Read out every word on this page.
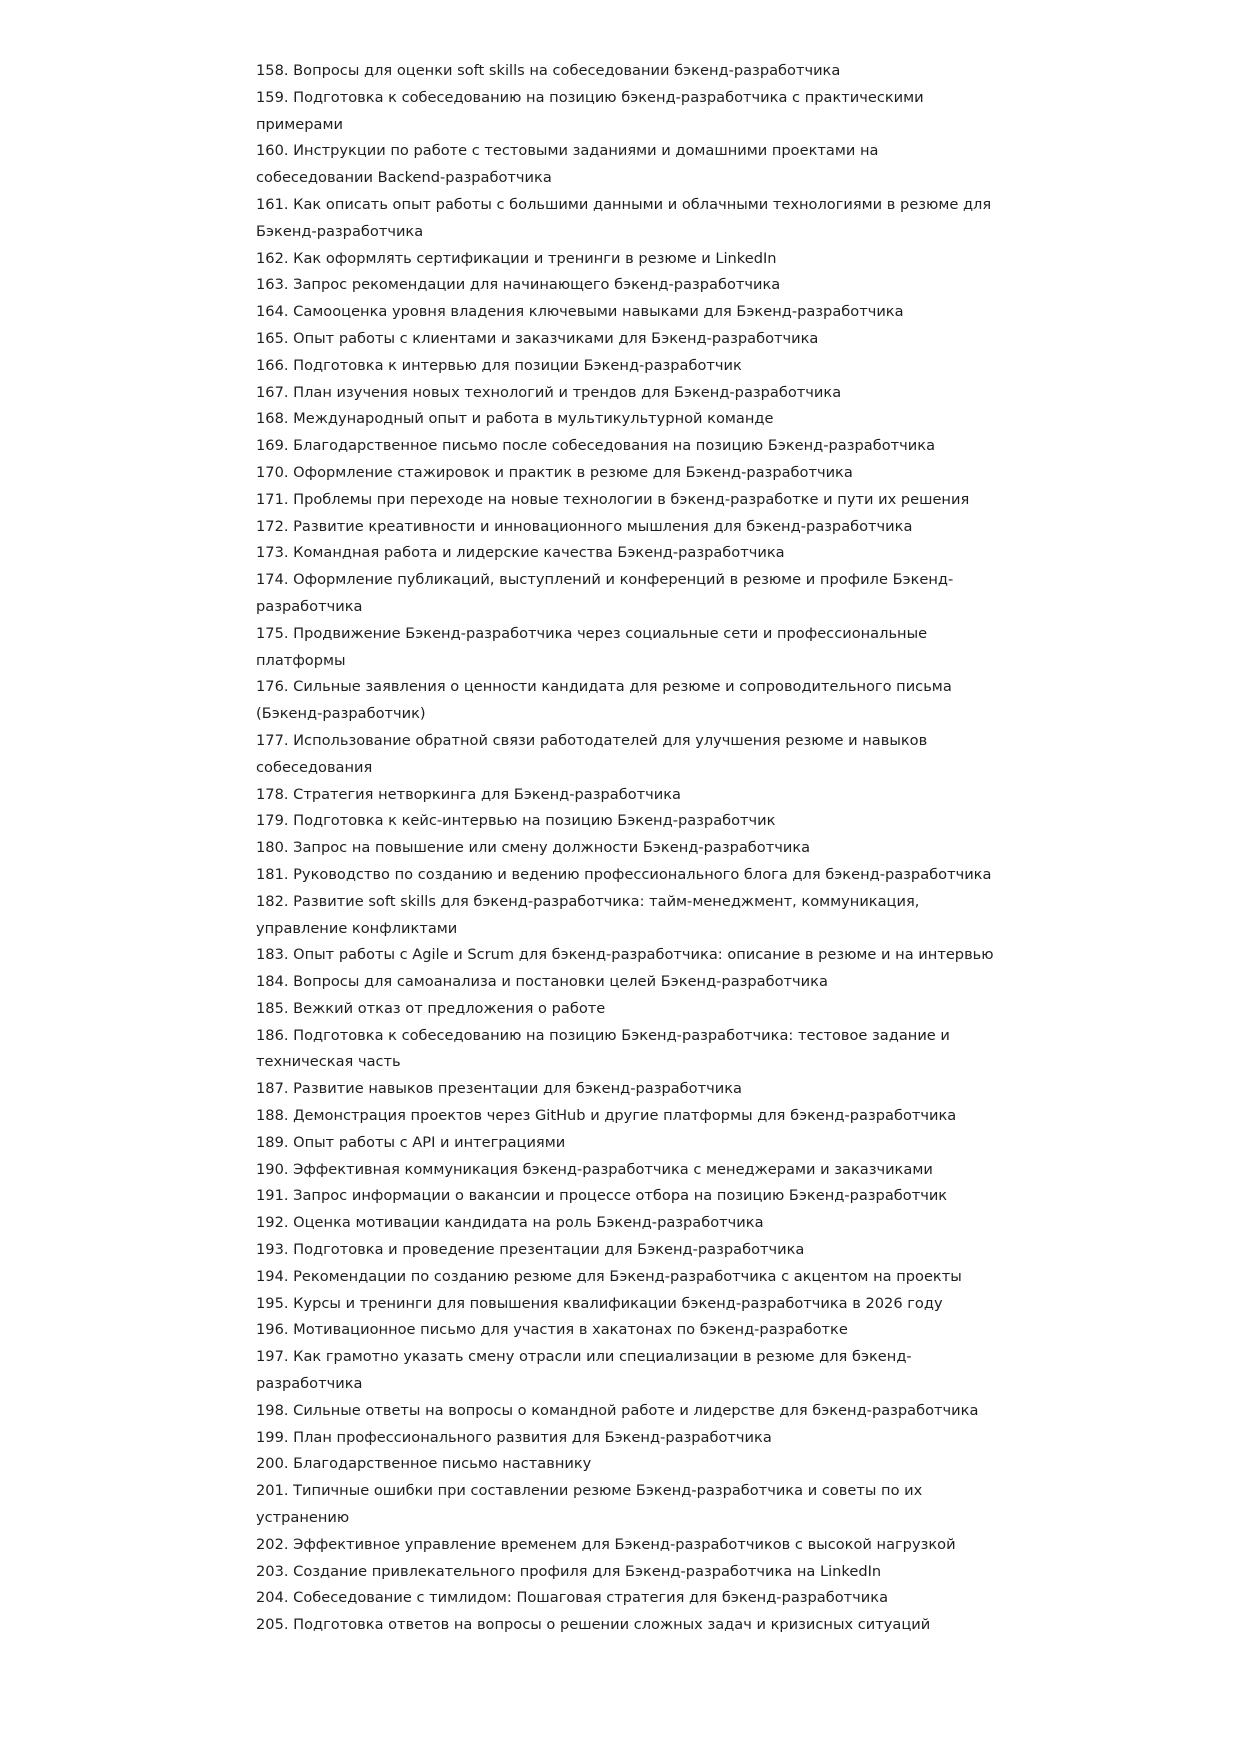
158. Вопросы для оценки soft skills на собеседовании бэкенд-разработчика
159. Подготовка к собеседованию на позицию бэкенд-разработчика с практическими примерами
160. Инструкции по работе с тестовыми заданиями и домашними проектами на собеседовании Backend-разработчика
161. Как описать опыт работы с большими данными и облачными технологиями в резюме для Бэкенд-разработчика
162. Как оформлять сертификации и тренинги в резюме и LinkedIn
163. Запрос рекомендации для начинающего бэкенд-разработчика
164. Самооценка уровня владения ключевыми навыками для Бэкенд-разработчика
165. Опыт работы с клиентами и заказчиками для Бэкенд-разработчика
166. Подготовка к интервью для позиции Бэкенд-разработчик
167. План изучения новых технологий и трендов для Бэкенд-разработчика
168. Международный опыт и работа в мультикультурной команде
169. Благодарственное письмо после собеседования на позицию Бэкенд-разработчика
170. Оформление стажировок и практик в резюме для Бэкенд-разработчика
171. Проблемы при переходе на новые технологии в бэкенд-разработке и пути их решения
172. Развитие креативности и инновационного мышления для бэкенд-разработчика
173. Командная работа и лидерские качества Бэкенд-разработчика
174. Оформление публикаций, выступлений и конференций в резюме и профиле Бэкенд-разработчика
175. Продвижение Бэкенд-разработчика через социальные сети и профессиональные платформы
176. Сильные заявления о ценности кандидата для резюме и сопроводительного письма (Бэкенд-разработчик)
177. Использование обратной связи работодателей для улучшения резюме и навыков собеседования
178. Стратегия нетворкинга для Бэкенд-разработчика
179. Подготовка к кейс-интервью на позицию Бэкенд-разработчик
180. Запрос на повышение или смену должности Бэкенд-разработчика
181. Руководство по созданию и ведению профессионального блога для бэкенд-разработчика
182. Развитие soft skills для бэкенд-разработчика: тайм-менеджмент, коммуникация, управление конфликтами
183. Опыт работы с Agile и Scrum для бэкенд-разработчика: описание в резюме и на интервью
184. Вопросы для самоанализа и постановки целей Бэкенд-разработчика
185. Вежкий отказ от предложения о работе
186. Подготовка к собеседованию на позицию Бэкенд-разработчика: тестовое задание и техническая часть
187. Развитие навыков презентации для бэкенд-разработчика
188. Демонстрация проектов через GitHub и другие платформы для бэкенд-разработчика
189. Опыт работы с API и интеграциями
190. Эффективная коммуникация бэкенд-разработчика с менеджерами и заказчиками
191. Запрос информации о вакансии и процессе отбора на позицию Бэкенд-разработчик
192. Оценка мотивации кандидата на роль Бэкенд-разработчика
193. Подготовка и проведение презентации для Бэкенд-разработчика
194. Рекомендации по созданию резюме для Бэкенд-разработчика с акцентом на проекты
195. Курсы и тренинги для повышения квалификации бэкенд-разработчика в 2026 году
196. Мотивационное письмо для участия в хакатонах по бэкенд-разработке
197. Как грамотно указать смену отрасли или специализации в резюме для бэкенд-разработчика
198. Сильные ответы на вопросы о командной работе и лидерстве для бэкенд-разработчика
199. План профессионального развития для Бэкенд-разработчика
200. Благодарственное письмо наставнику
201. Типичные ошибки при составлении резюме Бэкенд-разработчика и советы по их устранению
202. Эффективное управление временем для Бэкенд-разработчиков с высокой нагрузкой
203. Создание привлекательного профиля для Бэкенд-разработчика на LinkedIn
204. Собеседование с тимлидом: Пошаговая стратегия для бэкенд-разработчика
205. Подготовка ответов на вопросы о решении сложных задач и кризисных ситуаций
